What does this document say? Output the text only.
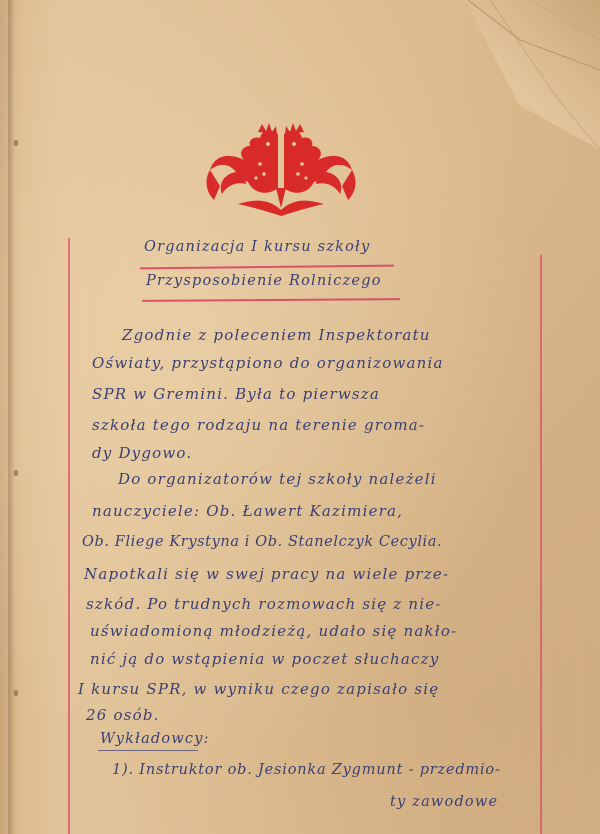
Organizacja I kursu szkoły
Przysposobienie Rolniczego
Zgodnie z poleceniem Inspektoratu
Oświaty, przystąpiono do organizowania
SPR w Gremini. Była to pierwsza
szkoła tego rodzaju na terenie groma-
dy Dygowo.
Do organizatorów tej szkoły należeli
nauczyciele: Ob. Ławert Kazimiera,
Ob. Fliege Krystyna i Ob. Stanelczyk Cecylia.
Napotkali się w swej pracy na wiele prze-
szkód. Po trudnych rozmowach się z nie-
uświadomioną młodzieżą, udało się nakło-
nić ją do wstąpienia w poczet słuchaczy
I kursu SPR, w wyniku czego zapisało się
26 osób.
Wykładowcy:
1). Instruktor ob. Jesionka Zygmunt - przedmio-
ty zawodowe
